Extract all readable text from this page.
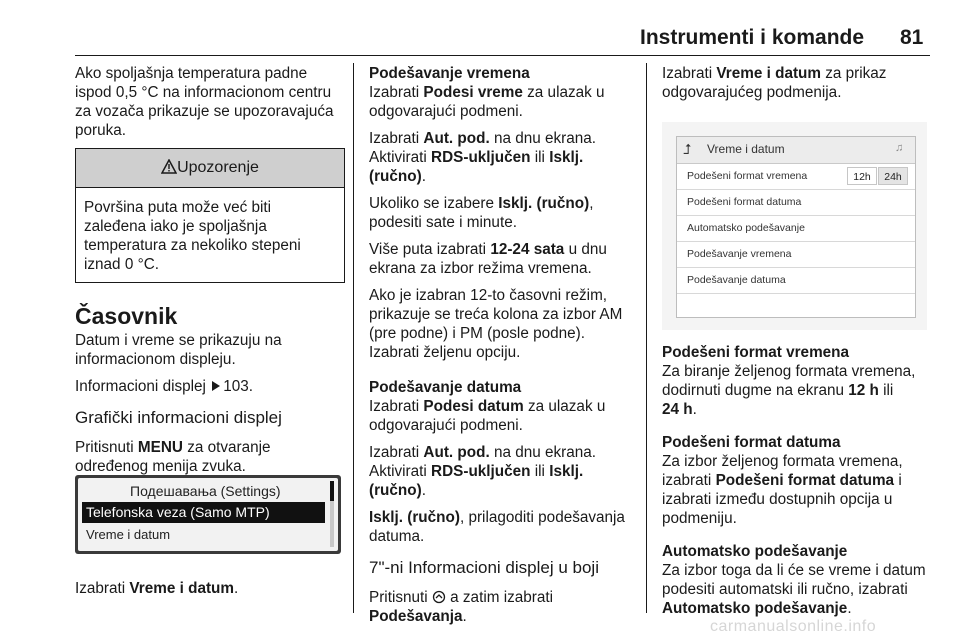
Instrumenti i komande 81

Ako spoljašnja temperatura padne ispod 0,5 °C na informacionom centru za vozača prikazuje se upozoravajuća poruka.

Upozorenje
Površina puta može već biti zaleđena iako je spoljašnja temperatura za nekoliko stepeni iznad 0 °C.
Časovnik

Datum i vreme se prikazuju na informacionom displeju.

Informacioni displej 103.

Grafički informacioni displej

Pritisnuti MENU za otvaranje određenog menija zvuka.

Подешавања (Settings)
Telefonska veza (Samo MTP)
Vreme i datum
Izabrati Vreme i datum.
Podešavanje vremena

Izabrati Podesi vreme za ulazak u odgovarajući podmeni.

Izabrati Aut. pod. na dnu ekrana. Aktivirati RDS-uključen ili Isklj. (ručno).

Ukoliko se izabere Isklj. (ručno), podesiti sate i minute.

Više puta izabrati 12-24 sata u dnu ekrana za izbor režima vremena.

Ako je izabran 12-to časovni režim, prikazuje se treća kolona za izbor AM (pre podne) i PM (posle podne). Izabrati željenu opciju.

Podešavanje datuma

Izabrati Podesi datum za ulazak u odgovarajući podmeni.

Izabrati Aut. pod. na dnu ekrana. Aktivirati RDS-uključen ili Isklj. (ručno).

Isklj. (ručno), prilagoditi podešavanja datuma.

7"-ni Informacioni displej u boji

Pritisnuti a zatim izabrati
Podešavanja.

Izabrati Vreme i datum za prikaz odgovarajućeg podmenija.

⮥ Vreme i datum	♫
Podešeni format vremena	12h	24h
Podešeni format datuma
Automatsko podešavanje
Podešavanje vremena
Podešavanje datuma
Podešeni format vremena

Za biranje željenog formata vremena, dodirnuti dugme na ekranu 12 h ili
24 h.

Podešeni format datuma

Za izbor željenog formata vremena, izabrati Podešeni format datuma i izabrati između dostupnih opcija u podmeniju.

Automatsko podešavanje

Za izbor toga da li će se vreme i datum podesiti automatski ili ručno, izabrati Automatsko podešavanje.

carmanualsonline.info
